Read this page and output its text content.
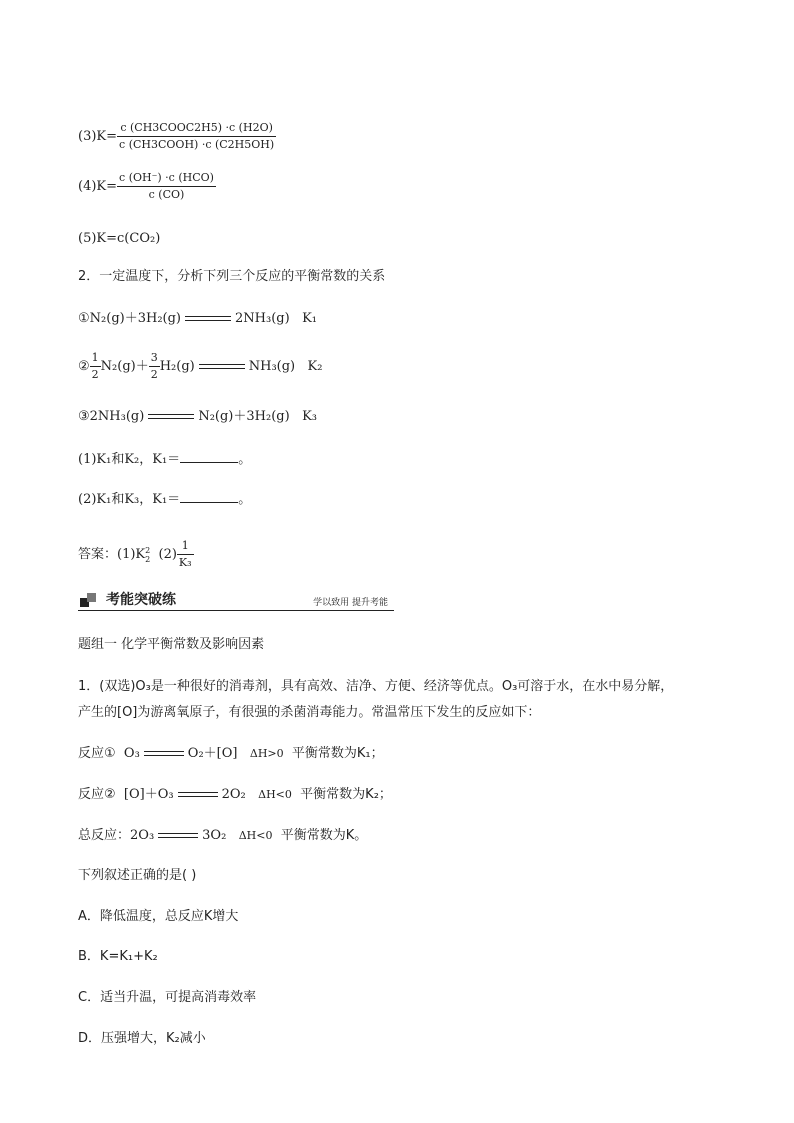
$(3)K= \frac{\text{c (CH3COOC2H5) ·c (H2O)}}{\text{c (CH3COOH) ·c (C2H5OH)}}$
$(4)K= \frac{\text{c (OH⁻) ·c (HCO)}}{c (CO)}$
(5)K=c(CO₂)
2．一定温度下，分析下列三个反应的平衡常数的关系
①N₂(g)＋3H₂(g)	2NH₃(g) K₁
② $\frac{1}{2} N_2(g)+ \frac{3}{2} H_2(g)$	NH₃(g) K₂
③2NH₃(g)	N₂(g)＋3H₂(g) K₃
(1)K₁和K₂，K₁＝	。
(2)K₁和K₃，K₁＝	。
答案：(1)K 2
2 $(2) \frac{1}{\text{K₃}}$
考能突破练	学以致用 提升考能
题组一 化学平衡常数及影响因素
1．(双选)O₃是一种很好的消毒剂，具有高效、洁净、方便、经济等优点。O₃可溶于水，在水中易分解，
产生的[O]为游离氧原子，有很强的杀菌消毒能力。常温常压下发生的反应如下：
反应① O₃	O₂＋[O] ΔH>0 平衡常数为K₁；
反应② [O]＋O₃	2O₂ ΔH<0 平衡常数为K₂；
总反应：2O₃	3O₂ ΔH<0 平衡常数为K。
下列叙述正确的是( )
A．降低温度，总反应K增大
B．K=K₁+K₂
C．适当升温，可提高消毒效率
D．压强增大，K₂减小
